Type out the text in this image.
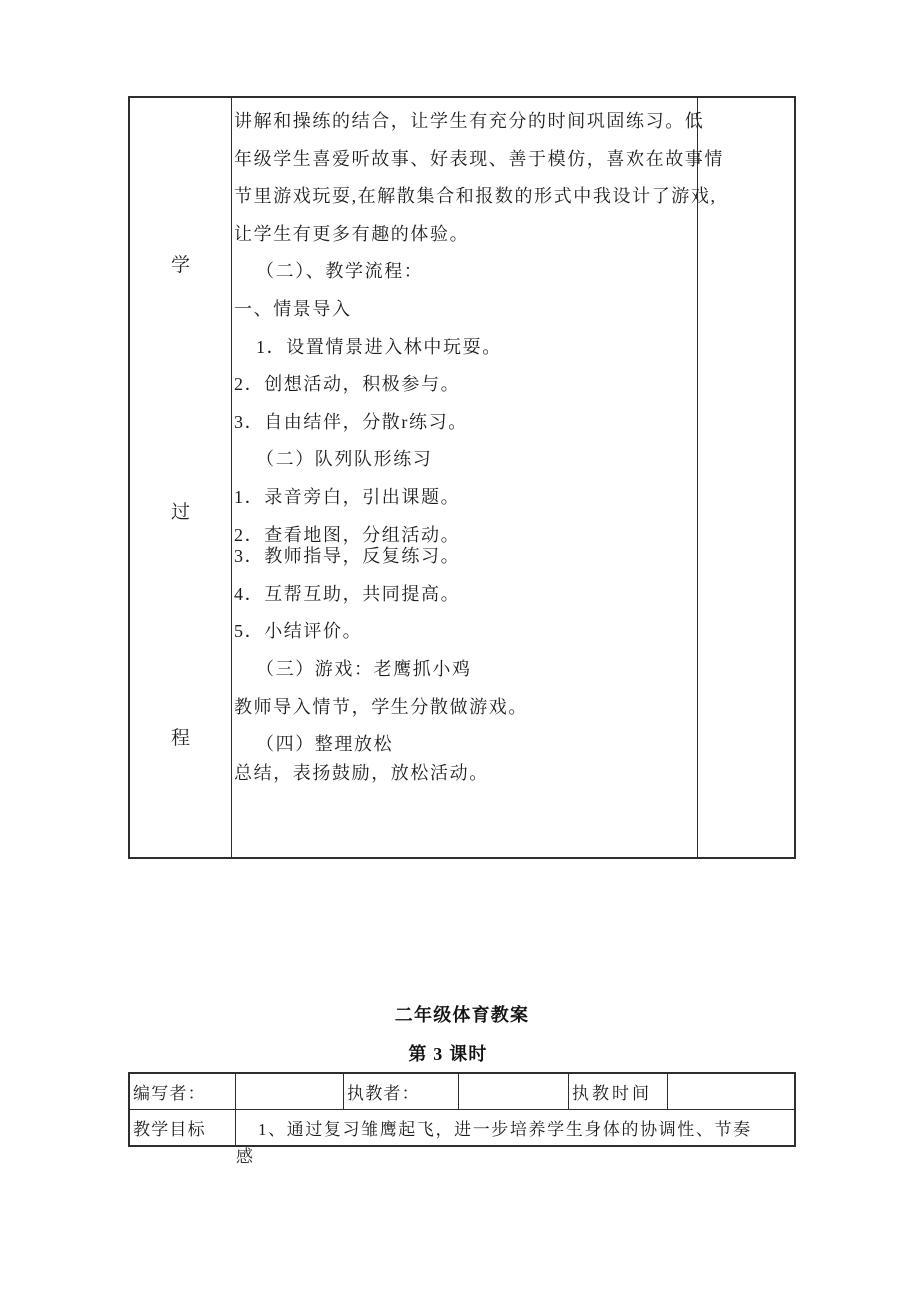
学
过
程
讲解和操练的结合，让学生有充分的时间巩固练习。低
年级学生喜爱听故事、好表现、善于模仿，喜欢在故事情
节里游戏玩耍,在解散集合和报数的形式中我设计了游戏,
让学生有更多有趣的体验。
（二）、教学流程：
一、情景导入
1．设置情景进入林中玩耍。
2．创想活动，积极参与。
3．自由结伴，分散r练习。
（二）队列队形练习
1．录音旁白，引出课题。
2．查看地图，分组活动。
3．教师指导，反复练习。
4．互帮互助，共同提高。
5．小结评价。
（三）游戏：老鹰抓小鸡
教师导入情节，学生分散做游戏。
（四）整理放松
总结，表扬鼓励，放松活动。
二年级体育教案
第 3 课时
编写者：	执教者：	执教时间
教学目标	1、通过复习雏鹰起飞，进一步培养学生身体的协调性、节奏
感
